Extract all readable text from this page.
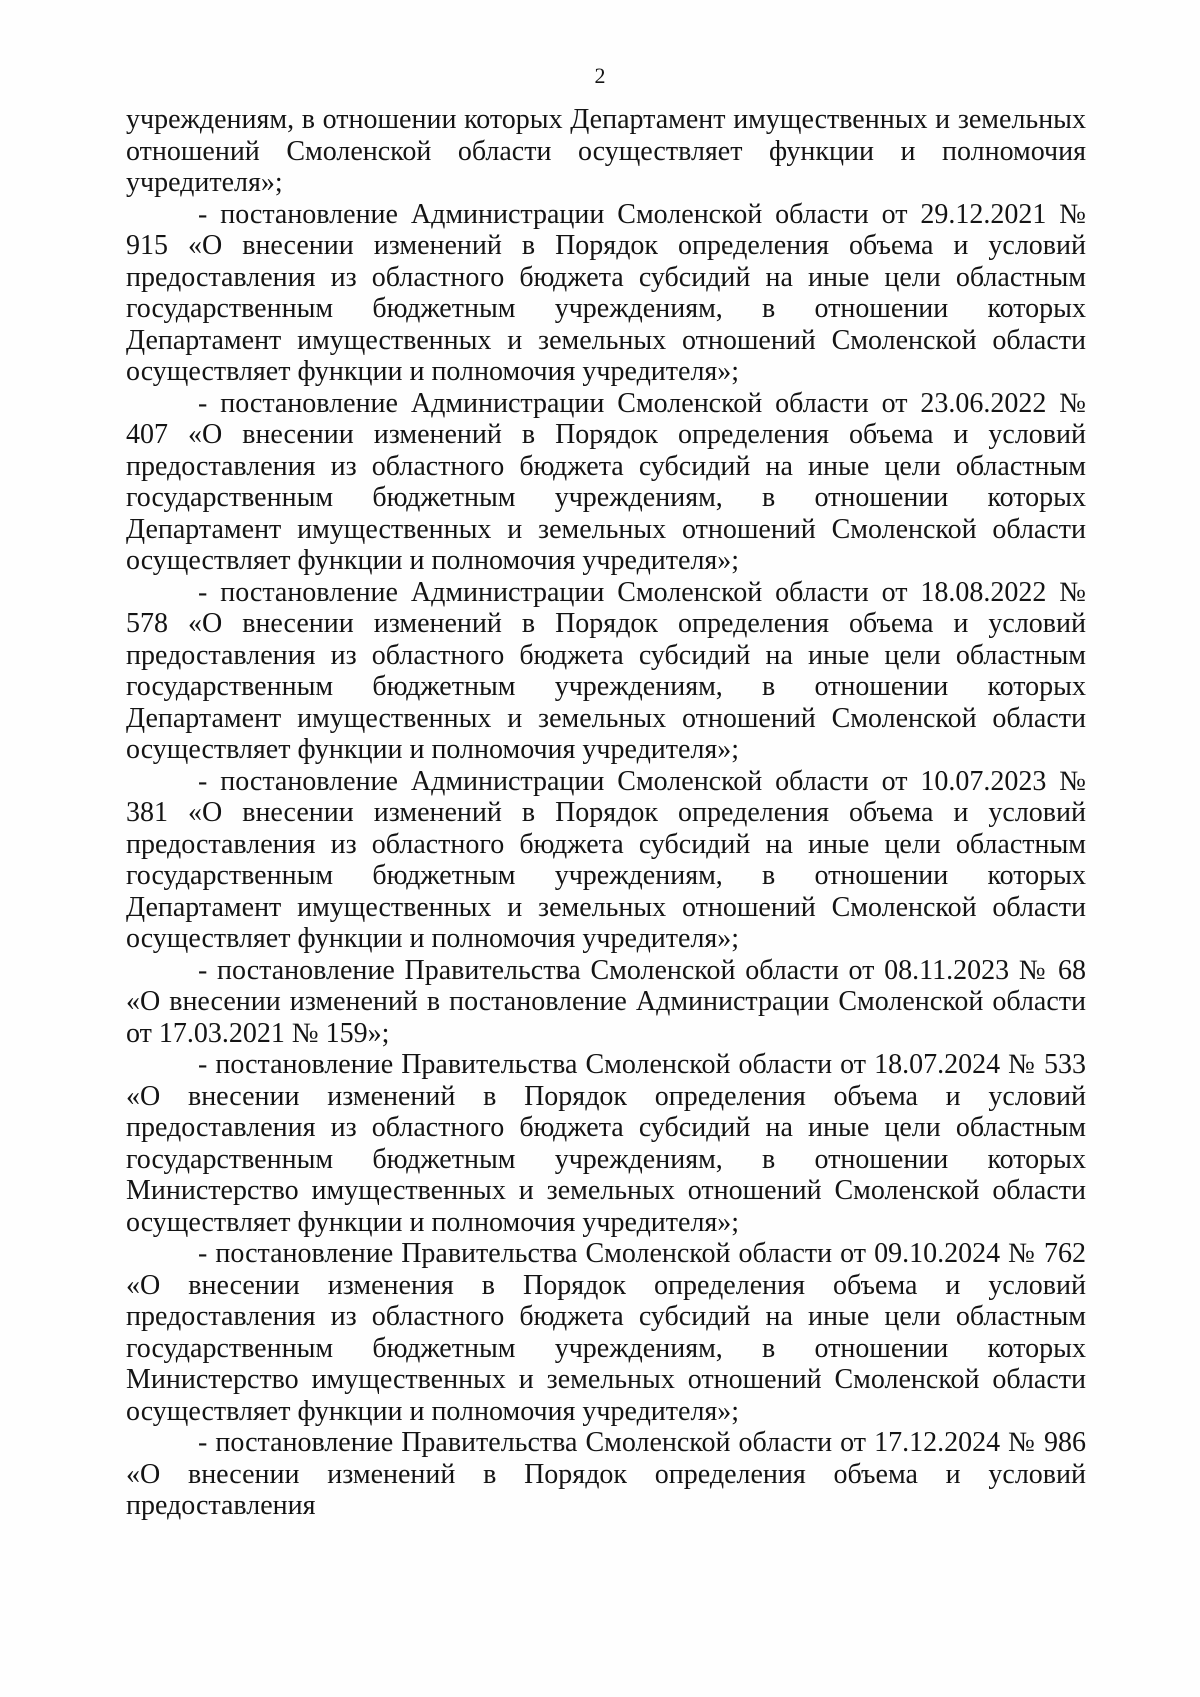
2

учреждениям, в отношении которых Департамент имущественных и земельных отношений Смоленской области осуществляет функции и полномочия учредителя»;

- постановление Администрации Смоленской области от 29.12.2021 № 915 «О внесении изменений в Порядок определения объема и условий предоставления из областного бюджета субсидий на иные цели областным государственным бюджетным учреждениям, в отношении которых Департамент имущественных и земельных отношений Смоленской области осуществляет функции и полномочия учредителя»;

- постановление Администрации Смоленской области от 23.06.2022 № 407 «О внесении изменений в Порядок определения объема и условий предоставления из областного бюджета субсидий на иные цели областным государственным бюджетным учреждениям, в отношении которых Департамент имущественных и земельных отношений Смоленской области осуществляет функции и полномочия учредителя»;

- постановление Администрации Смоленской области от 18.08.2022 № 578 «О внесении изменений в Порядок определения объема и условий предоставления из областного бюджета субсидий на иные цели областным государственным бюджетным учреждениям, в отношении которых Департамент имущественных и земельных отношений Смоленской области осуществляет функции и полномочия учредителя»;

- постановление Администрации Смоленской области от 10.07.2023 № 381 «О внесении изменений в Порядок определения объема и условий предоставления из областного бюджета субсидий на иные цели областным государственным бюджетным учреждениям, в отношении которых Департамент имущественных и земельных отношений Смоленской области осуществляет функции и полномочия учредителя»;

- постановление Правительства Смоленской области от 08.11.2023 № 68 «О внесении изменений в постановление Администрации Смоленской области от 17.03.2021 № 159»;

- постановление Правительства Смоленской области от 18.07.2024 № 533 «О внесении изменений в Порядок определения объема и условий предоставления из областного бюджета субсидий на иные цели областным государственным бюджетным учреждениям, в отношении которых Министерство имущественных и земельных отношений Смоленской области осуществляет функции и полномочия учредителя»;

- постановление Правительства Смоленской области от 09.10.2024 № 762 «О внесении изменения в Порядок определения объема и условий предоставления из областного бюджета субсидий на иные цели областным государственным бюджетным учреждениям, в отношении которых Министерство имущественных и земельных отношений Смоленской области осуществляет функции и полномочия учредителя»;

- постановление Правительства Смоленской области от 17.12.2024 № 986 «О внесении изменений в Порядок определения объема и условий предоставления
